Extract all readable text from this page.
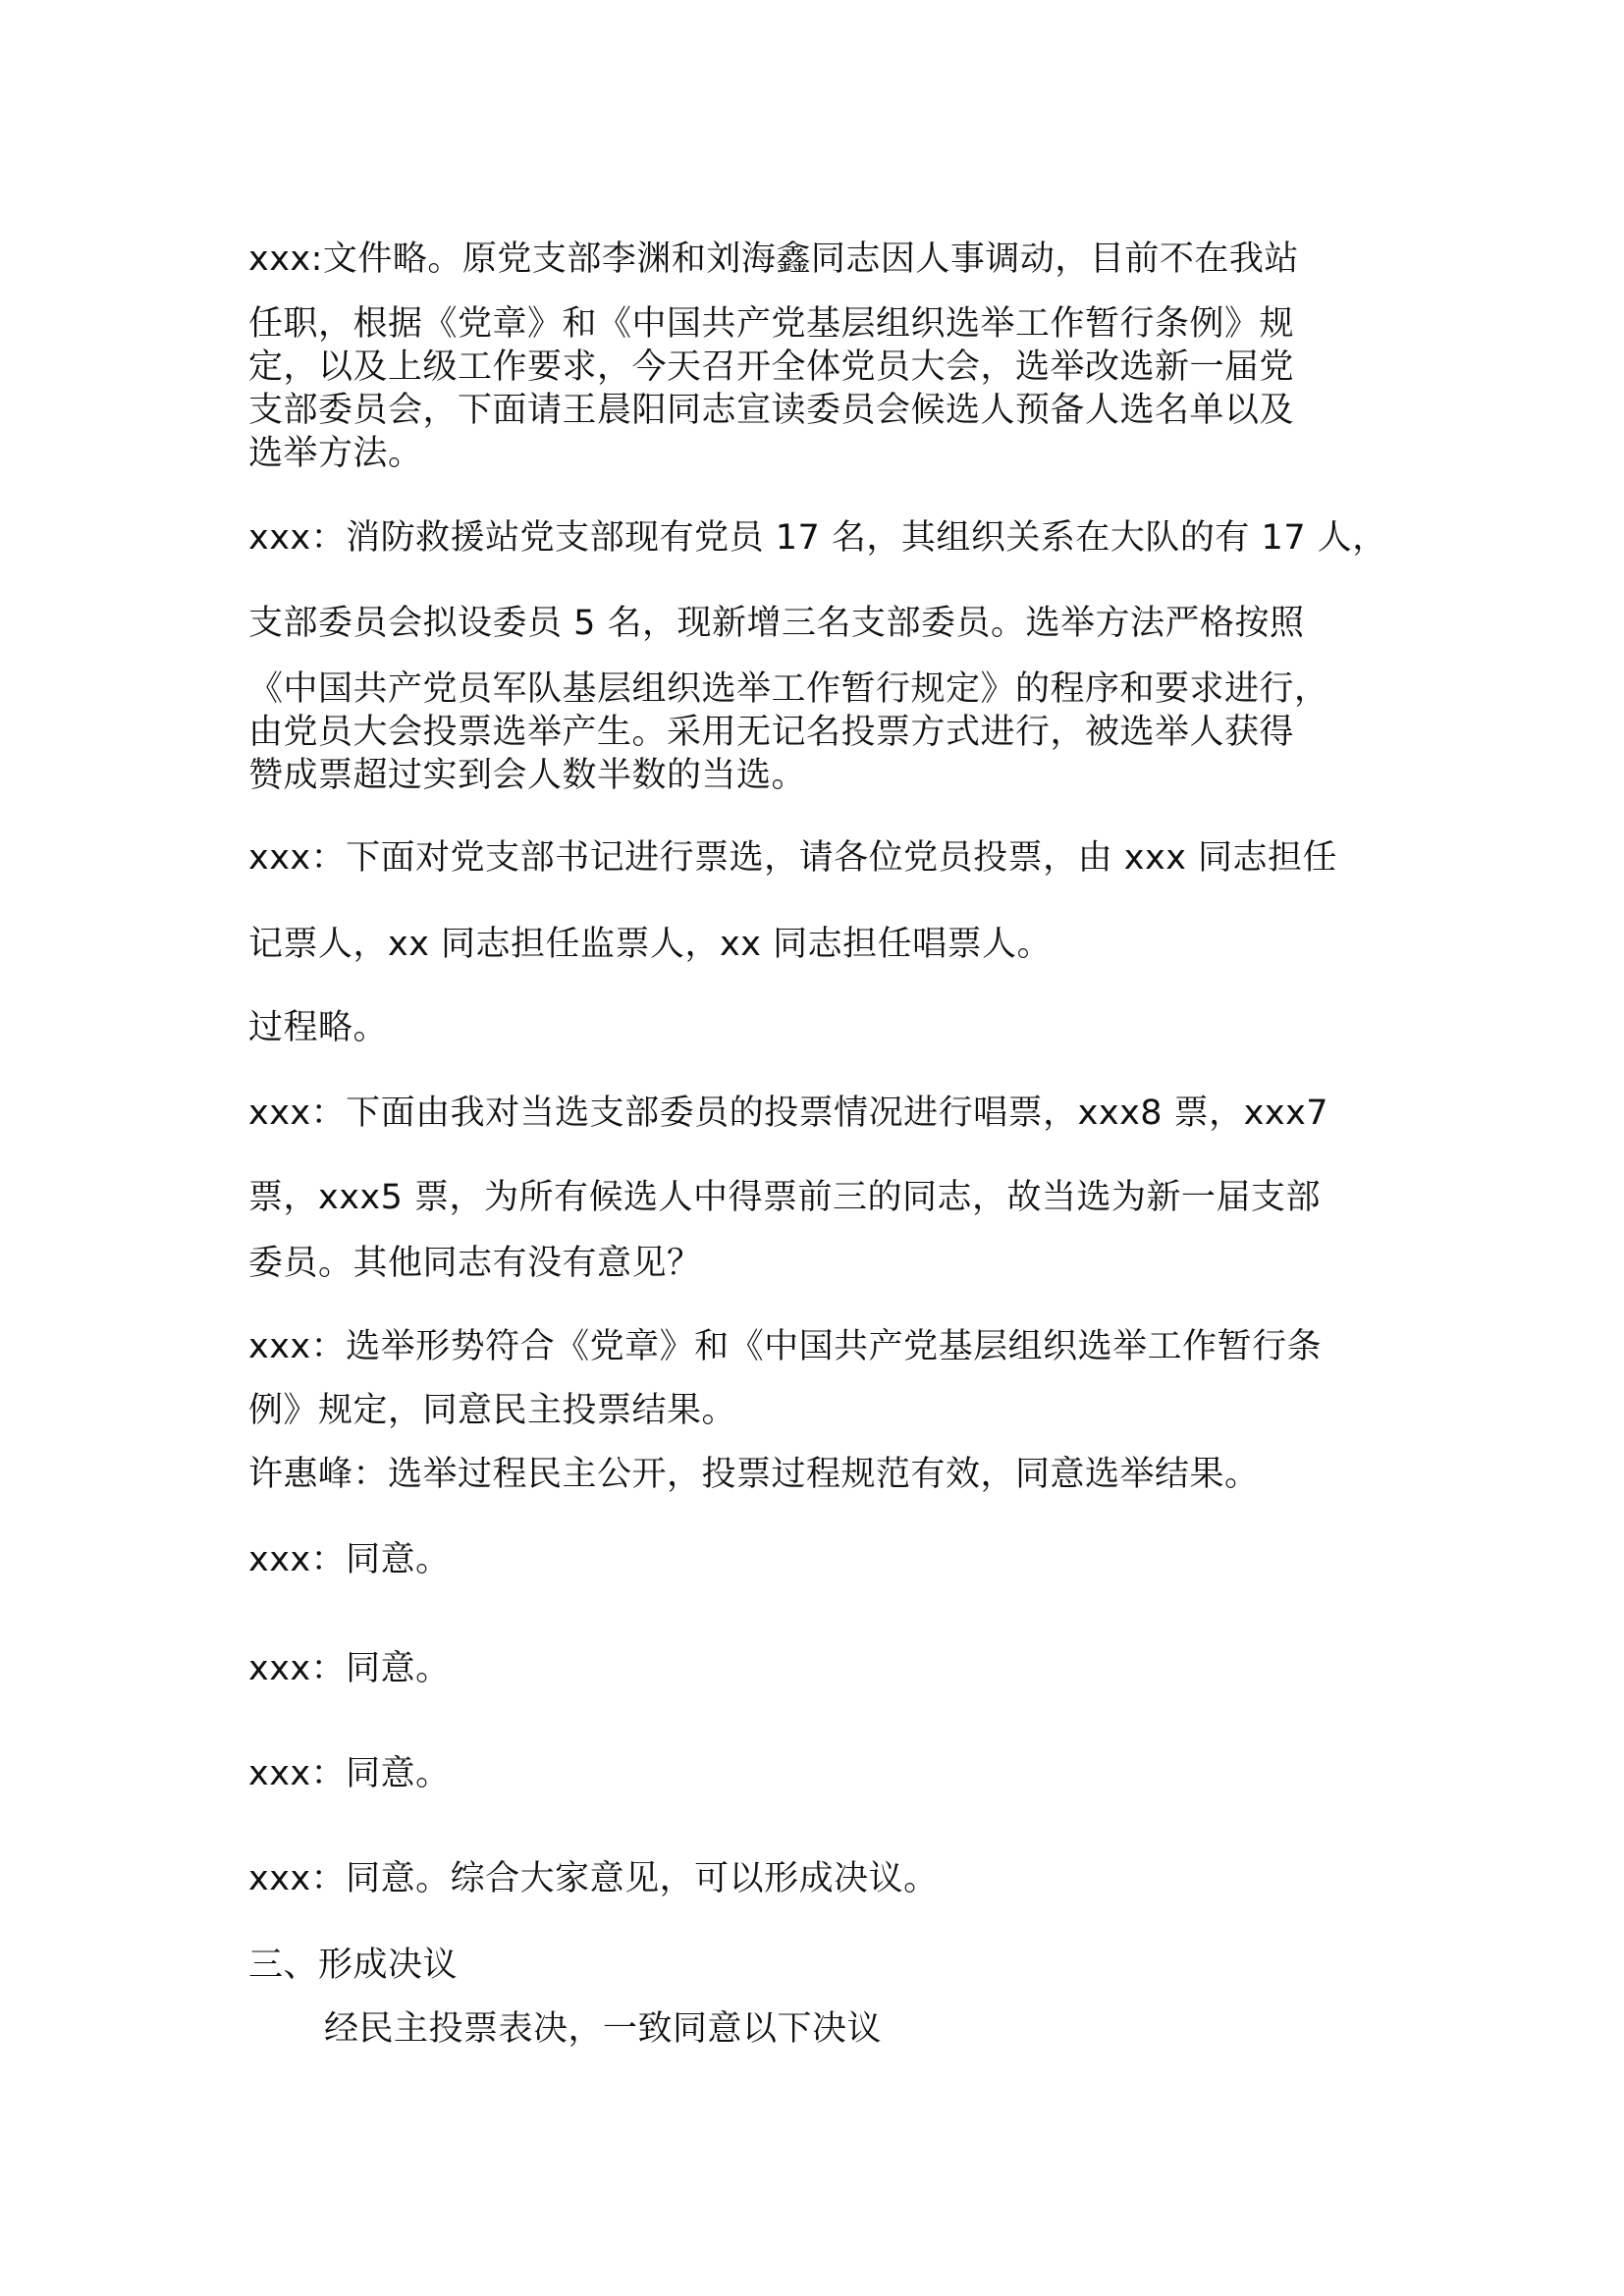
xxx:文件略。原党支部李渊和刘海鑫同志因人事调动，目前不在我站

任职，根据《党章》和《中国共产党基层组织选举工作暂行条例》规

定，以及上级工作要求，今天召开全体党员大会，选举改选新一届党

支部委员会，下面请王晨阳同志宣读委员会候选人预备人选名单以及

选举方法。

xxx：消防救援站党支部现有党员 17 名，其组织关系在大队的有 17 人，

支部委员会拟设委员 5 名，现新增三名支部委员。选举方法严格按照

《中国共产党员军队基层组织选举工作暂行规定》的程序和要求进行，

由党员大会投票选举产生。采用无记名投票方式进行，被选举人获得

赞成票超过实到会人数半数的当选。

xxx：下面对党支部书记进行票选，请各位党员投票，由 xxx 同志担任

记票人，xx 同志担任监票人，xx 同志担任唱票人。

过程略。

xxx：下面由我对当选支部委员的投票情况进行唱票，xxx8 票，xxx7

票，xxx5 票，为所有候选人中得票前三的同志，故当选为新一届支部

委员。其他同志有没有意见？

xxx：选举形势符合《党章》和《中国共产党基层组织选举工作暂行条

例》规定，同意民主投票结果。

许惠峰：选举过程民主公开，投票过程规范有效，同意选举结果。

xxx：同意。

xxx：同意。

xxx：同意。

xxx：同意。综合大家意见，可以形成决议。

三、形成决议

经民主投票表决，一致同意以下决议
